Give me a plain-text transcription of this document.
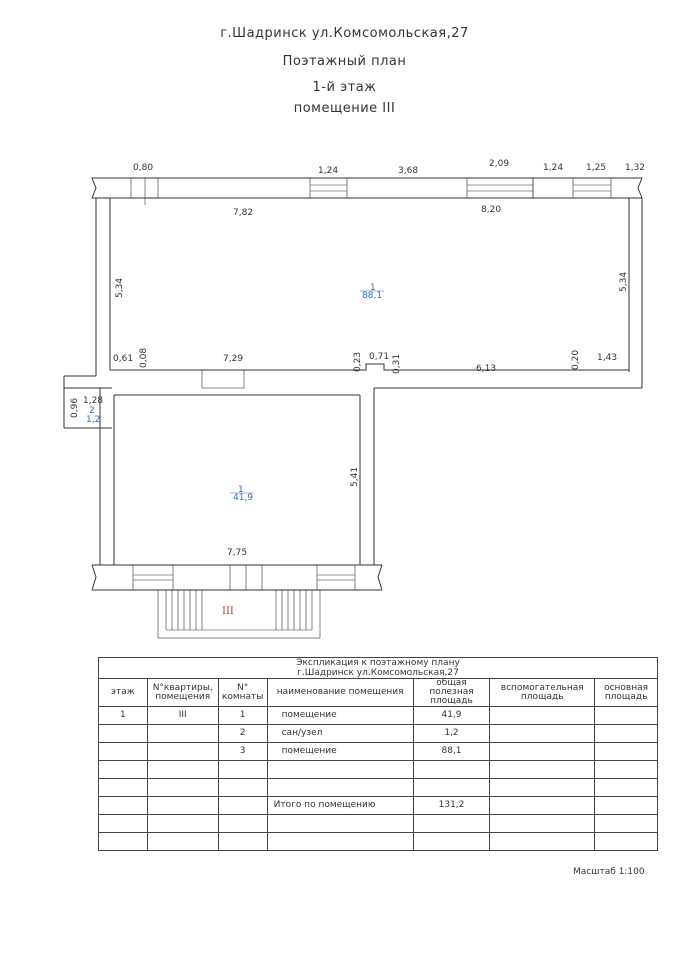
г.Шадринск ул.Комсомольская,27
Поэтажный план
1-й этаж
помещение III
0,80	1,24	3,68
2,09	1,24	1,25 1,32
7,82	8,20
5,34	5,34
1
88,1
0,61 0,08	7,29	0,23 0,71 0,31	6,13	0,20 1,43
0,96 1,28
2
1,2
5,41
1
41,9
7,75
III
Экспликация к поэтажному плану
г.Шадринск ул.Комсомольская,27						
этаж	N°квартиры, помещения	N° комнаты	наименование помещения	общая полезная площадь	вспомогательная площадь	основная площадь
1	III	1	помещение	41,9		
		2	сан/узел	1,2		
		3	помещение	88,1		

			Итого по помещению	131,2		

Масштаб 1:100
